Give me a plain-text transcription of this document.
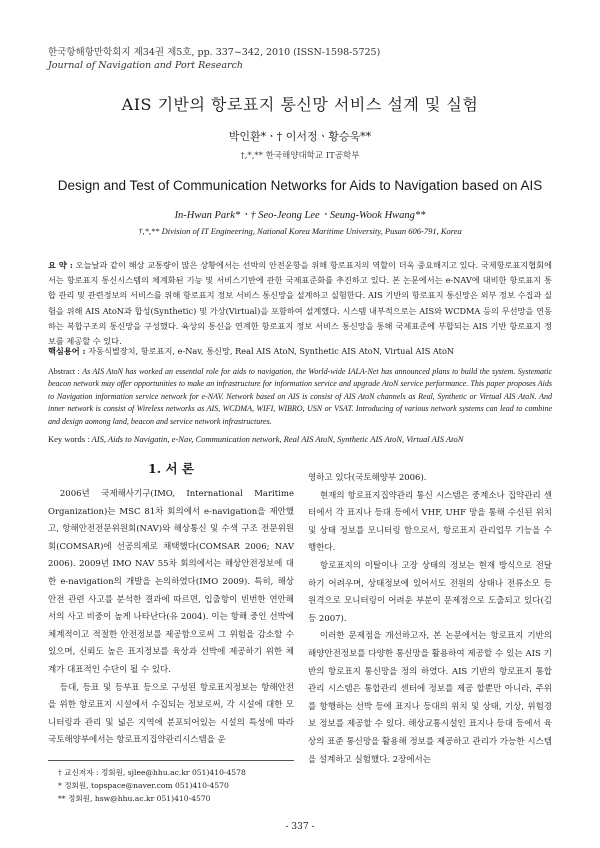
한국항해항만학회지 제34권 제5호, pp. 337~342, 2010 (ISSN-1598-5725)
Journal of Navigation and Port Research
AIS 기반의 항로표지 통신망 서비스 설계 및 실험
박인환*ㆍ† 이서정ㆍ황승욱**
†,*,** 한국해양대학교 IT공학부
Design and Test of Communication Networks for Aids to Navigation based on AIS
In-Hwan Park*ㆍ† Seo-Jeong LeeㆍSeung-Wook Hwang**
†,*,** Division of IT Engineering, National Korea Maritime University, Pusan 606-791, Korea
요 약 : 오늘날과 같이 해상 교통량이 많은 상황에서는 선박의 안전운항을 위해 항로표지의 역할이 더욱 중요해지고 있다. 국제항로표지협회에서는 항로표지 통신시스템의 체계화된 기능 및 서비스기반에 관한 국제표준화를 추진하고 있다. 본 논문에서는 e-NAV에 대비한 항로표지 통합 관리 및 관련정보의 서비스를 위해 항로표지 정보 서비스 통신망을 설계하고 실험한다. AIS 기반의 항로표지 통신망은 외부 정보 수집과 실험을 위해 AIS AtoN과 합성(Synthetic) 및 가상(Virtual)을 포함하여 설계했다. 시스템 내부적으로는 AIS와 WCDMA 등의 무선망을 연동하는 복합구조의 통신망을 구성했다. 육상의 통신을 연계한 항로표지 정보 서비스 통신망을 통해 국제표준에 부합되는 AIS 기반 항로표지 정보를 제공할 수 있다.
핵심용어 : 자동식별장치, 항로표지, e-Nav, 통신망, Real AIS AtoN, Synthetic AIS AtoN, Virtual AIS AtoN
Abstract : As AIS AtoN has worked an essential role for aids to navigation, the World-wide IALA-Net has announced plans to build the system. Systematic beacon network may offer opportunities to make an infrastructure for information service and upgrade AtoN service performance. This paper proposes Aids to Navigation information service network for e-NAV. Network based on AIS is consist of AIS AtoN channels as Real, Synthetic or Virtual AIS AtoN. And inner network is consist of Wireless networks as AIS, WCDMA, WIFI, WIBRO, USN or VSAT. Introducing of various network systems can lead to combine and design aomong land, beacon and service network infrastructures.
Key words : AIS, Aids to Navigatin, e-Nav, Communication network, Real AIS AtoN, Synthetic AIS AtoN, Virtual AIS AtoN
1. 서 론

2006년 국제해사기구(IMO, International Maritime Organization)는 MSC 81차 회의에서 e-navigation을 제안했고, 항해안전전문위원회(NAV)와 해상통신 및 수색 구조 전문위원회(COMSAR)에 선공의제로 채택했다(COMSAR 2006; NAV 2006). 2009년 IMO NAV 55차 회의에서는 해상안전정보에 대한 e-navigation의 개발을 논의하였다(IMO 2009). 특히, 해상 안전 관련 사고를 분석한 결과에 따르면, 입출항이 빈번한 연안해서의 사고 비중이 높게 나타난다(유 2004). 이는 항해 중인 선박에 체계적이고 적절한 안전정보를 제공함으로써 그 위험을 감소할 수 있으며, 신뢰도 높은 표지정보를 육상과 선박에 제공하기 위한 체계가 대표적인 수단이 될 수 있다.

등대, 등표 및 등부표 등으로 구성된 항로표지정보는 항해안전을 위한 항로표지 시설에서 수집되는 정보로써, 각 시설에 대한 모니터링과 관리 및 넓은 지역에 분포되어있는 시설의 특성에 따라 국토해양부에서는 항로표지집약관리시스템을 운

영하고 있다(국토해양부 2006).

현재의 항로표지집약관리 통신 시스템은 중계소나 집약관리 센터에서 각 표지나 등대 등에서 VHF, UHF 망을 통해 수신된 위치 및 상태 정보를 모니터링 함으로서, 항로표지 관리업무 기능을 수행한다.

항로표지의 이탈이나 고장 상태의 정보는 현재 방식으로 전달하기 어려우며, 상태정보에 있어서도 전원의 상태나 전류소모 등 원격으로 모니터링이 어려운 부분이 문제점으로 도출되고 있다(김 등 2007).

이러한 문제점을 개선하고자, 본 논문에서는 항로표지 기반의 해양안전정보를 다양한 통신망을 활용하여 제공할 수 있는 AIS 기반의 항로표지 통신망을 정의 하였다. AIS 기반의 항로표지 통합관리 시스템은 통합관리 센터에 정보를 제공 할뿐만 아니라, 주위를 항행하는 선박 등에 표지나 등대의 위치 및 상태, 기상, 위험경보 정보를 제공할 수 있다. 해상교통시설인 표지나 등대 등에서 육상의 표준 통신망을 활용해 정보를 제공하고 관리가 가능한 시스템을 설계하고 실험했다. 2장에서는

† 교신저자 : 정회원, sjlee@hhu.ac.kr 051)410-4578
* 정회원, topspace@naver.com 051)410-4570
** 정회원, hsw@hhu.ac.kr 051)410-4570
- 337 -
